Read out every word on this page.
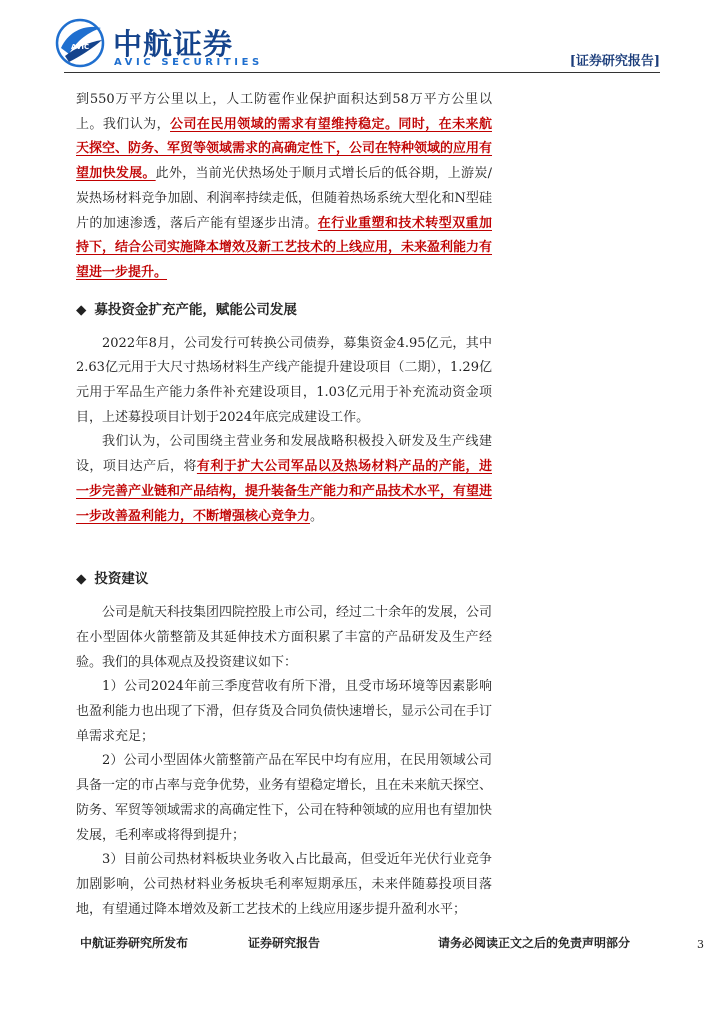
AVIC 中航证券
AVIC SECURITIES	[证券研究报告]

到550万平方公里以上，人工防雹作业保护面积达到58万平方公里以上。我们认为，公司在民用领域的需求有望维持稳定。同时，在未来航天探空、防务、军贸等领域需求的高确定性下，公司在特种领域的应用有望加快发展。此外，当前光伏热场处于顺月式增长后的低谷期，上游炭/炭热场材料竞争加剧、利润率持续走低，但随着热场系统大型化和N型硅片的加速渗透，落后产能有望逐步出清。在行业重塑和技术转型双重加持下，结合公司实施降本增效及新工艺技术的上线应用，未来盈利能力有望进一步提升。

◆ 募投资金扩充产能，赋能公司发展

2022年8月，公司发行可转换公司债券，募集资金4.95亿元，其中2.63亿元用于大尺寸热场材料生产线产能提升建设项目（二期），1.29亿元用于军品生产能力条件补充建设项目，1.03亿元用于补充流动资金项目，上述募投项目计划于2024年底完成建设工作。

我们认为，公司围绕主营业务和发展战略积极投入研发及生产线建设，项目达产后，将有利于扩大公司军品以及热场材料产品的产能，进一步完善产业链和产品结构，提升装备生产能力和产品技术水平，有望进一步改善盈利能力，不断增强核心竞争力。

◆ 投资建议

公司是航天科技集团四院控股上市公司，经过二十余年的发展，公司在小型固体火箭整箭及其延伸技术方面积累了丰富的产品研发及生产经验。我们的具体观点及投资建议如下：

1）公司2024年前三季度营收有所下滑，且受市场环境等因素影响也盈利能力也出现了下滑，但存货及合同负债快速增长，显示公司在手订单需求充足；

2）公司小型固体火箭整箭产品在军民中均有应用，在民用领域公司具备一定的市占率与竞争优势，业务有望稳定增长，且在未来航天探空、防务、军贸等领域需求的高确定性下，公司在特种领域的应用也有望加快发展，毛利率或将得到提升；

3）目前公司热材料板块业务收入占比最高，但受近年光伏行业竞争加剧影响，公司热材料业务板块毛利率短期承压，未来伴随募投项目落地，有望通过降本增效及新工艺技术的上线应用逐步提升盈利水平；

中航证券研究所发布	证券研究报告	请务必阅读正文之后的免责声明部分	3
